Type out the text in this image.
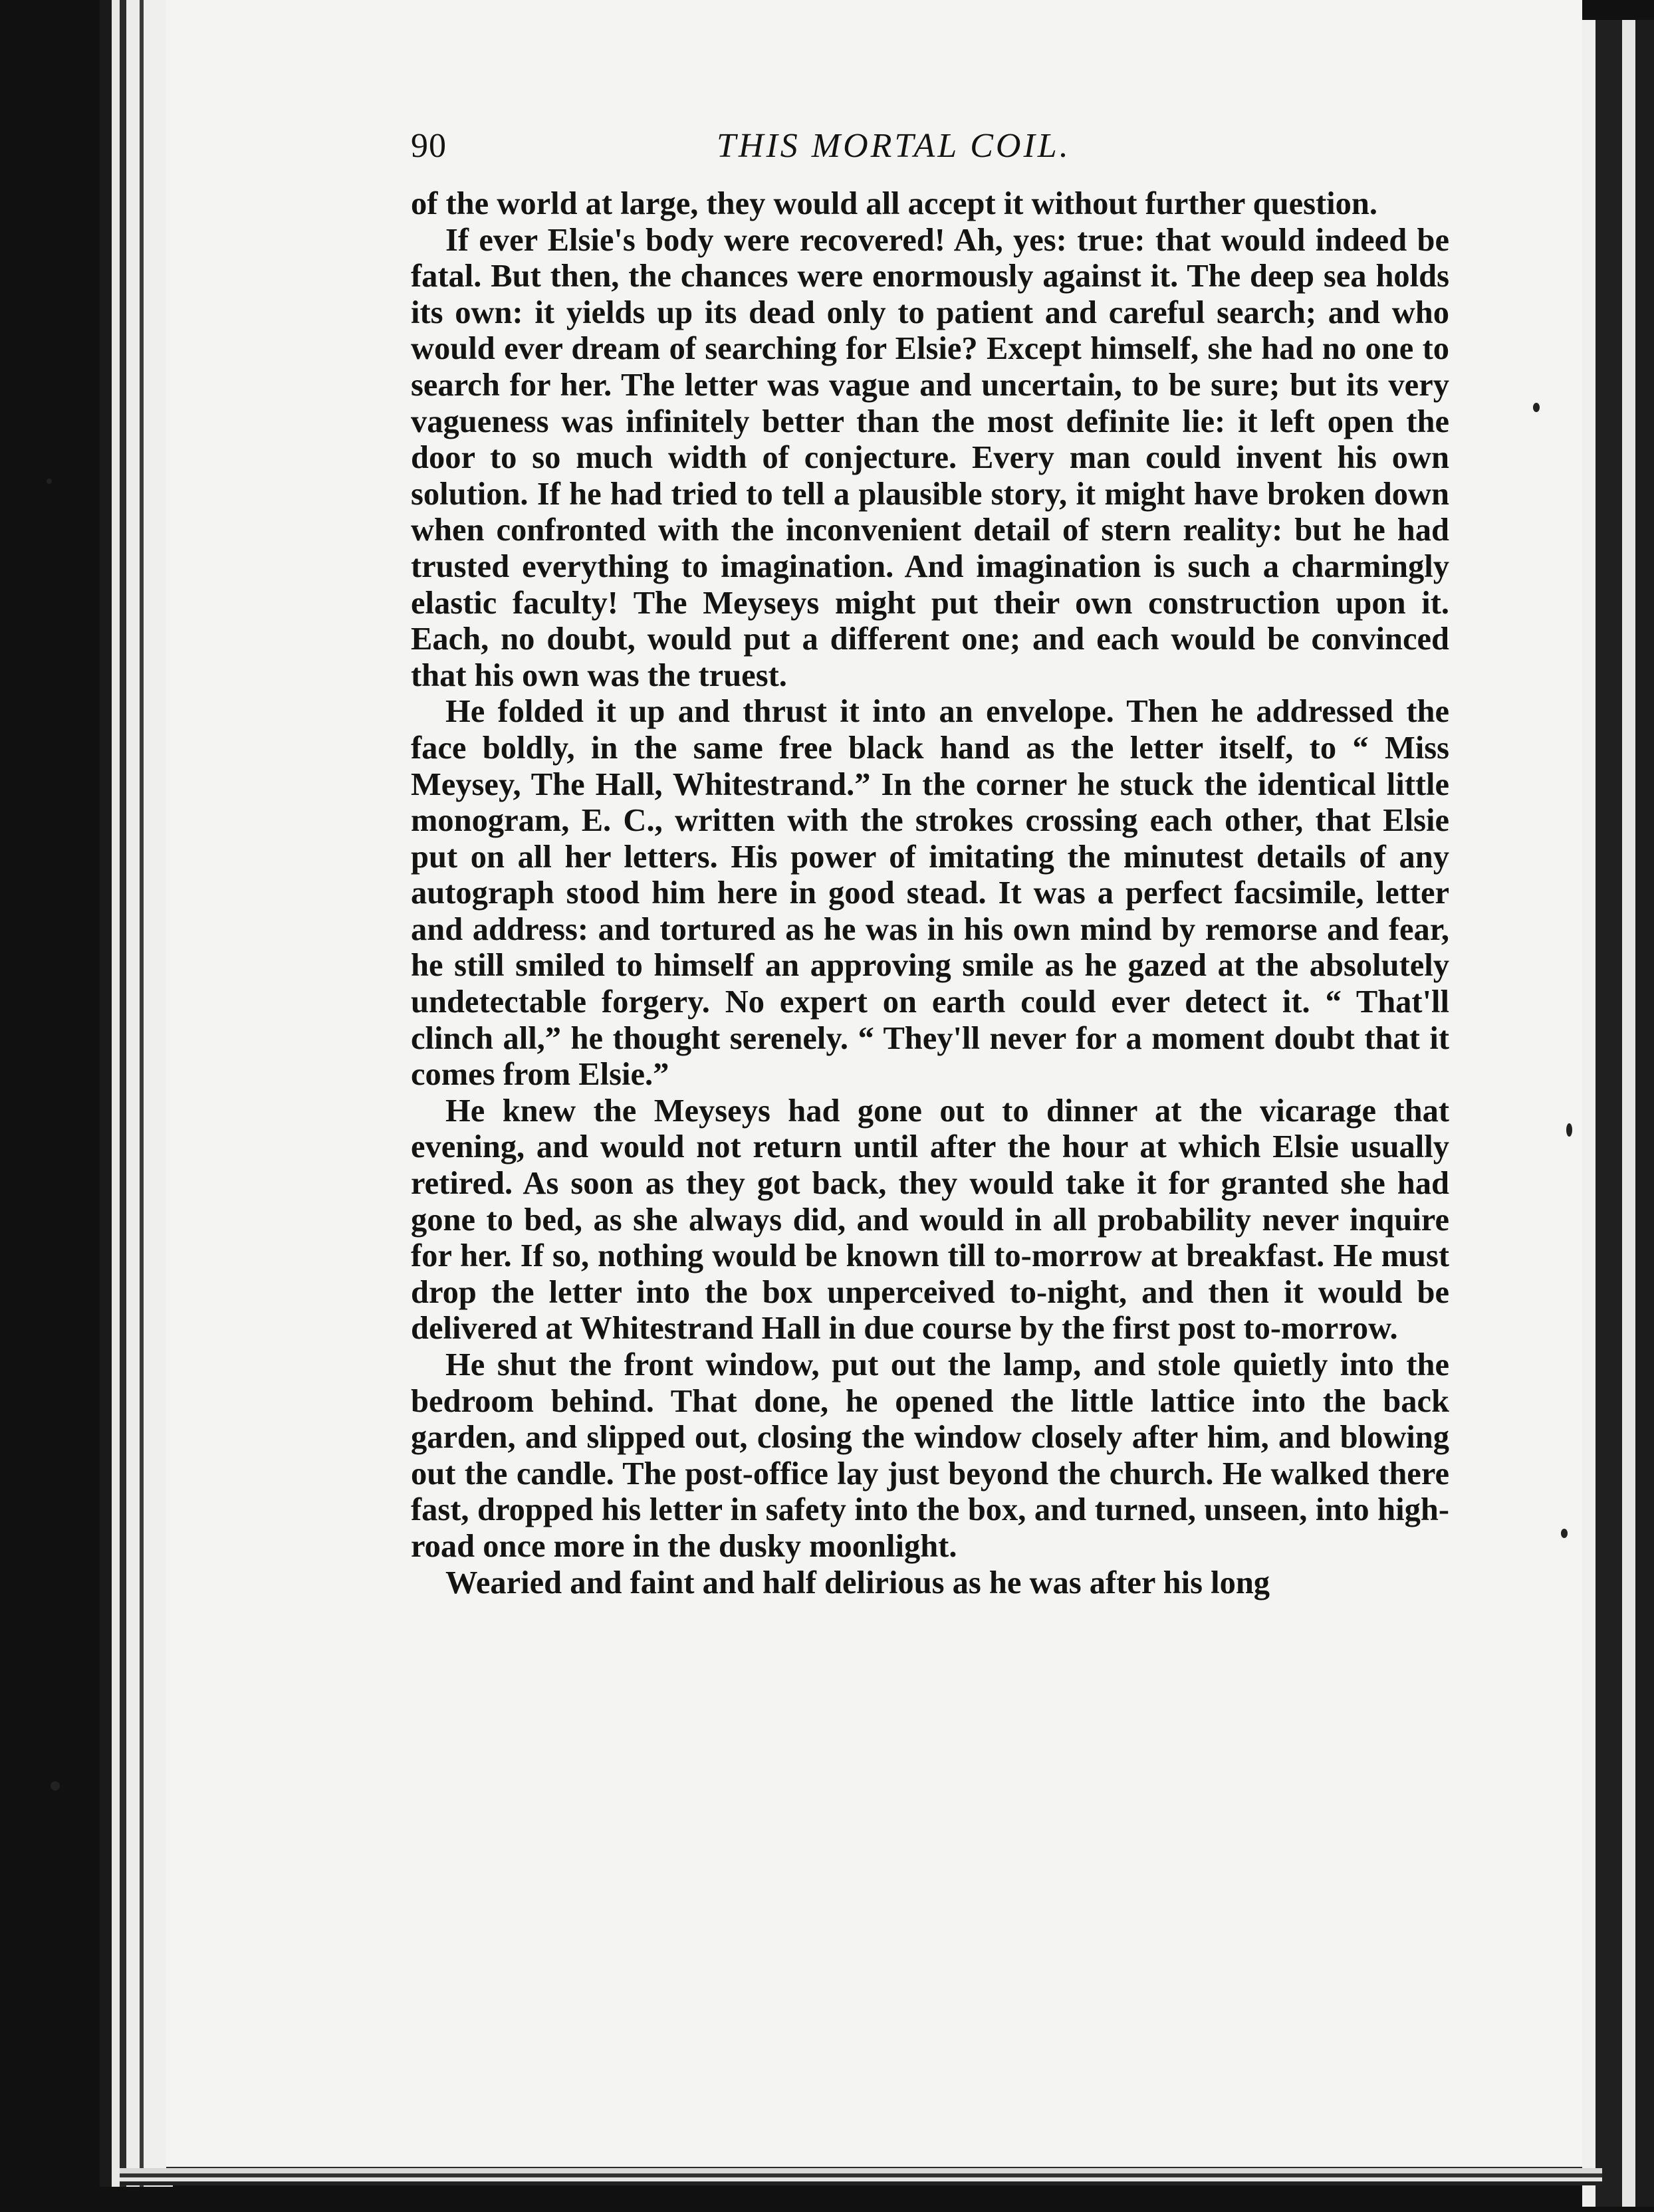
90	THIS MORTAL COIL.

of the world at large, they would all accept it without further question.

If ever Elsie's body were recovered! Ah, yes: true: that would indeed be fatal. But then, the chances were enormously against it. The deep sea holds its own: it yields up its dead only to patient and careful search; and who would ever dream of searching for Elsie? Except himself, she had no one to search for her. The letter was vague and uncertain, to be sure; but its very vagueness was infinitely better than the most definite lie: it left open the door to so much width of conjecture. Every man could invent his own solution. If he had tried to tell a plausible story, it might have broken down when confronted with the inconvenient detail of stern reality: but he had trusted everything to imagination. And imagination is such a charmingly elastic faculty! The Meyseys might put their own construction upon it. Each, no doubt, would put a different one; and each would be convinced that his own was the truest.

He folded it up and thrust it into an envelope. Then he addressed the face boldly, in the same free black hand as the letter itself, to “ Miss Meysey, The Hall, Whitestrand.” In the corner he stuck the identical little monogram, E. C., written with the strokes crossing each other, that Elsie put on all her letters. His power of imitating the minutest details of any autograph stood him here in good stead. It was a perfect facsimile, letter and address: and tortured as he was in his own mind by remorse and fear, he still smiled to himself an approving smile as he gazed at the absolutely undetectable forgery. No expert on earth could ever detect it. “ That'll clinch all,” he thought serenely. “ They'll never for a moment doubt that it comes from Elsie.”

He knew the Meyseys had gone out to dinner at the vicarage that evening, and would not return until after the hour at which Elsie usually retired. As soon as they got back, they would take it for granted she had gone to bed, as she always did, and would in all probability never inquire for her. If so, nothing would be known till to-morrow at breakfast. He must drop the letter into the box unperceived to-night, and then it would be delivered at Whitestrand Hall in due course by the first post to-morrow.

He shut the front window, put out the lamp, and stole quietly into the bedroom behind. That done, he opened the little lattice into the back garden, and slipped out, closing the window closely after him, and blowing out the candle. The post-office lay just beyond the church. He walked there fast, dropped his letter in safety into the box, and turned, unseen, into high-road once more in the dusky moonlight.

Wearied and faint and half delirious as he was after his long
